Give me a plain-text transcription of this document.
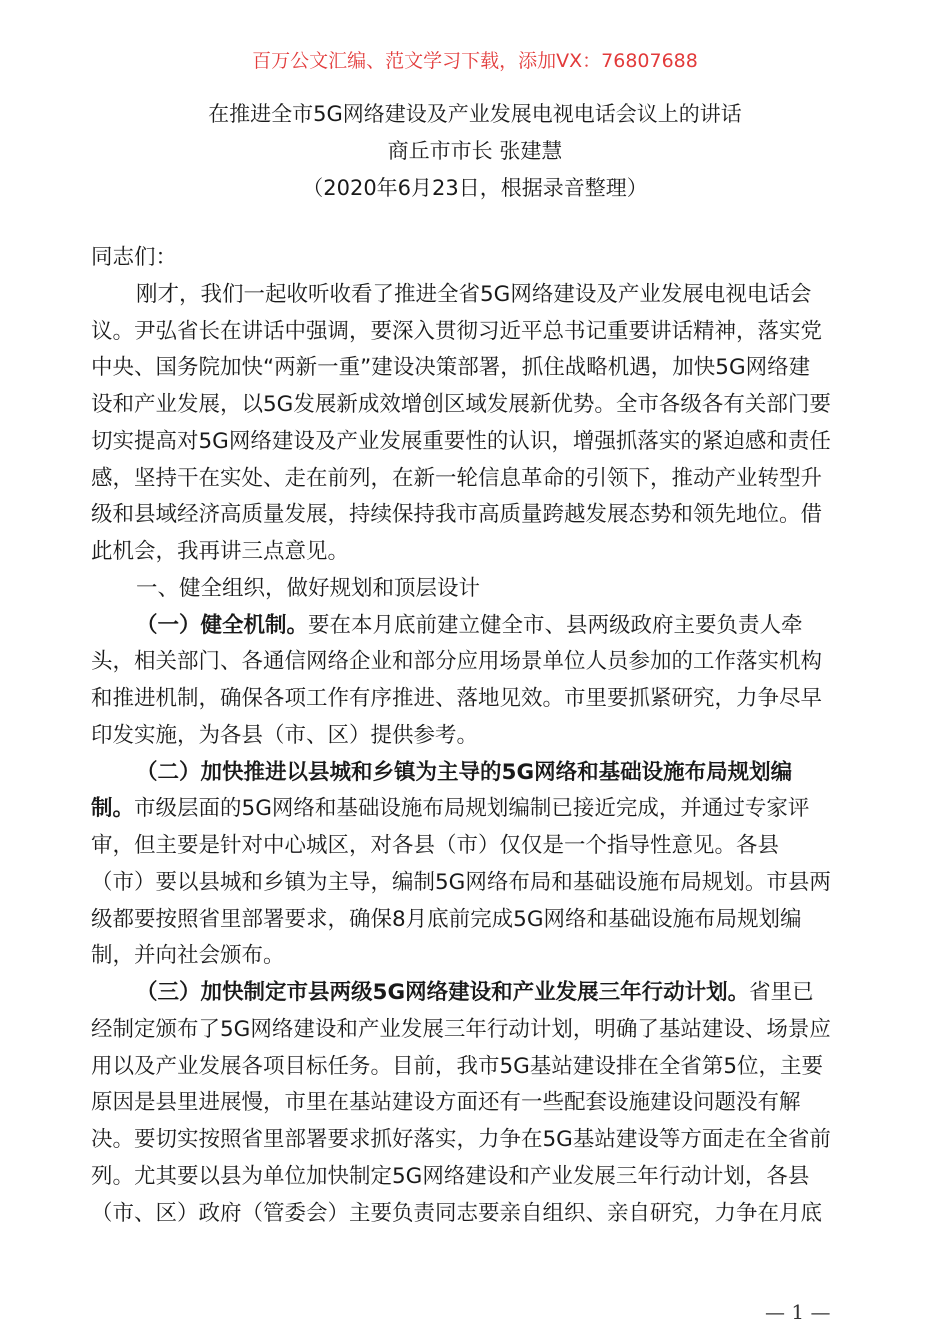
百万公文汇编、范文学习下载，添加VX：76807688
在推进全市5G网络建设及产业发展电视电话会议上的讲话
商丘市市长 张建慧
（2020年6月23日，根据录音整理）
同志们：
刚才，我们一起收听收看了推进全省5G网络建设及产业发展电视电话会
议。尹弘省长在讲话中强调，要深入贯彻习近平总书记重要讲话精神，落实党
中央、国务院加快“两新一重”建设决策部署，抓住战略机遇，加快5G网络建
设和产业发展，以5G发展新成效增创区域发展新优势。全市各级各有关部门要
切实提高对5G网络建设及产业发展重要性的认识，增强抓落实的紧迫感和责任
感，坚持干在实处、走在前列，在新一轮信息革命的引领下，推动产业转型升
级和县域经济高质量发展，持续保持我市高质量跨越发展态势和领先地位。借
此机会，我再讲三点意见。
一、健全组织，做好规划和顶层设计
（一）健全机制。要在本月底前建立健全市、县两级政府主要负责人牵
头，相关部门、各通信网络企业和部分应用场景单位人员参加的工作落实机构
和推进机制，确保各项工作有序推进、落地见效。市里要抓紧研究，力争尽早
印发实施，为各县（市、区）提供参考。
（二）加快推进以县城和乡镇为主导的5G网络和基础设施布局规划编
制。市级层面的5G网络和基础设施布局规划编制已接近完成，并通过专家评
审，但主要是针对中心城区，对各县（市）仅仅是一个指导性意见。各县
（市）要以县城和乡镇为主导，编制5G网络布局和基础设施布局规划。市县两
级都要按照省里部署要求，确保8月底前完成5G网络和基础设施布局规划编
制，并向社会颁布。
（三）加快制定市县两级5G网络建设和产业发展三年行动计划。省里已
经制定颁布了5G网络建设和产业发展三年行动计划，明确了基站建设、场景应
用以及产业发展各项目标任务。目前，我市5G基站建设排在全省第5位，主要
原因是县里进展慢，市里在基站建设方面还有一些配套设施建设问题没有解
决。要切实按照省里部署要求抓好落实，力争在5G基站建设等方面走在全省前
列。尤其要以县为单位加快制定5G网络建设和产业发展三年行动计划，各县
（市、区）政府（管委会）主要负责同志要亲自组织、亲自研究，力争在月底
— 1 —
